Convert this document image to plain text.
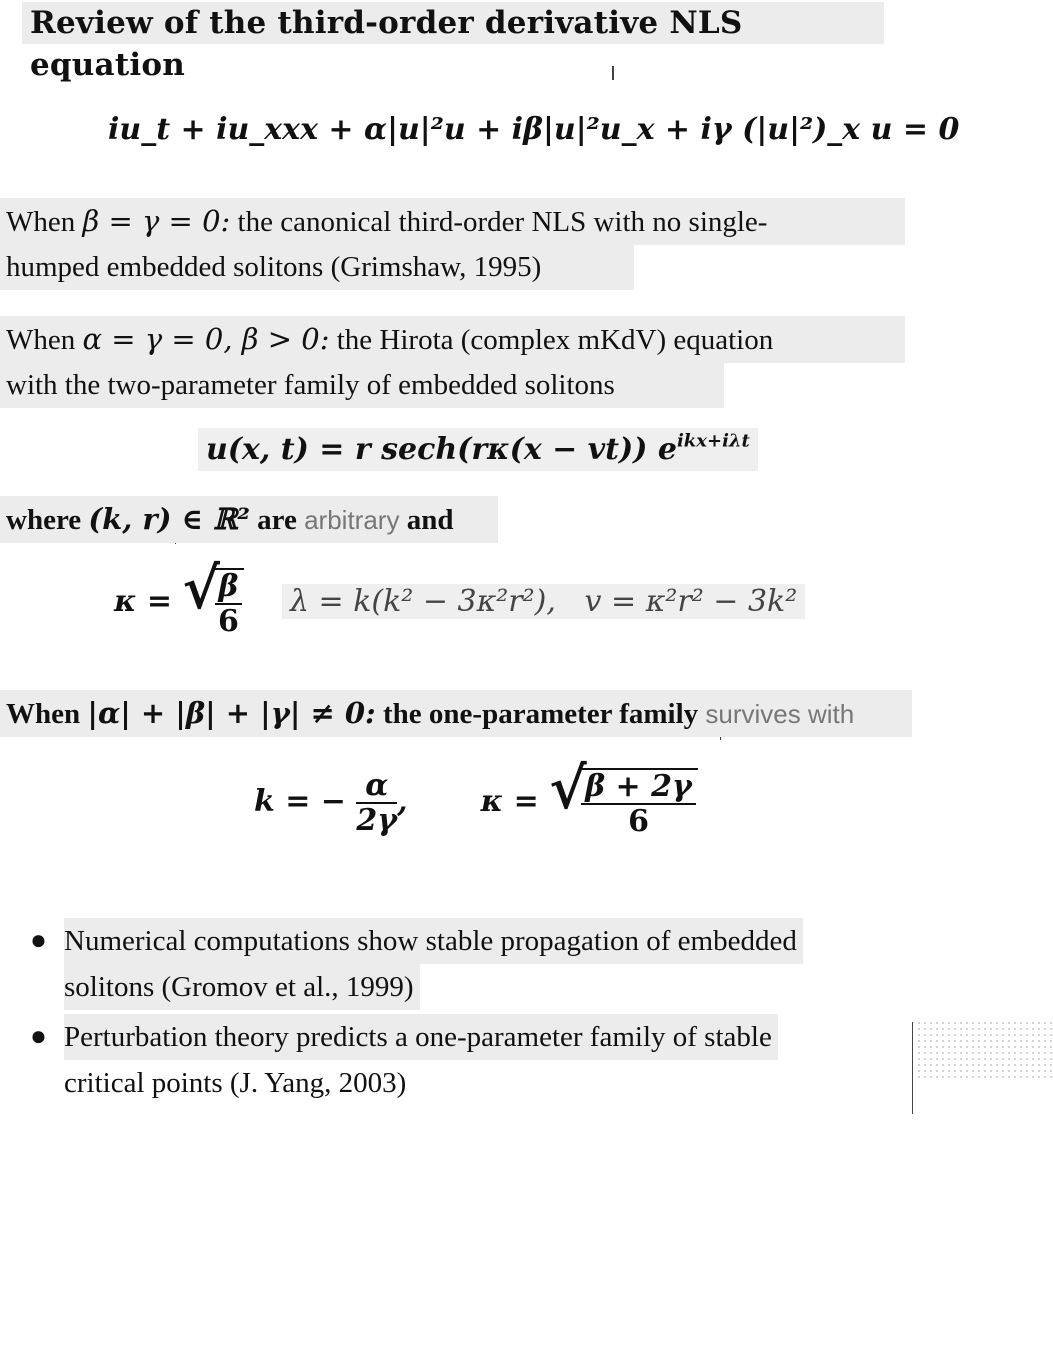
Review of the third-order derivative NLS equation
iu_t + iu_xxx + α|u|²u + iβ|u|²u_x + iγ (|u|²)_x u = 0
When β = γ = 0: the canonical third-order NLS with no single-
humped embedded solitons (Grimshaw, 1995)
When α = γ = 0, β > 0: the Hirota (complex mKdV) equation
with the two-parameter family of embedded solitons
u(x, t) = r sech(rκ(x − vt)) $e^{ikx+i\lambda t}$
where (k, r) ∈ ℝ² are arbitrary and
κ = √
$\frac{\beta}{6}$ λ = k(k² − 3κ²r²), v = κ²r² − 3k²
When |α| + |β| + |γ| ≠ 0: the one-parameter family survives with
k = − $\frac{\alpha}{2\gamma}$ ,       κ = √
$\frac{\beta + 2\gamma}{6}$
● Numerical computations show stable propagation of embedded
solitons (Gromov et al., 1999)
● Perturbation theory predicts a one-parameter family of stable
critical points (J. Yang, 2003)
